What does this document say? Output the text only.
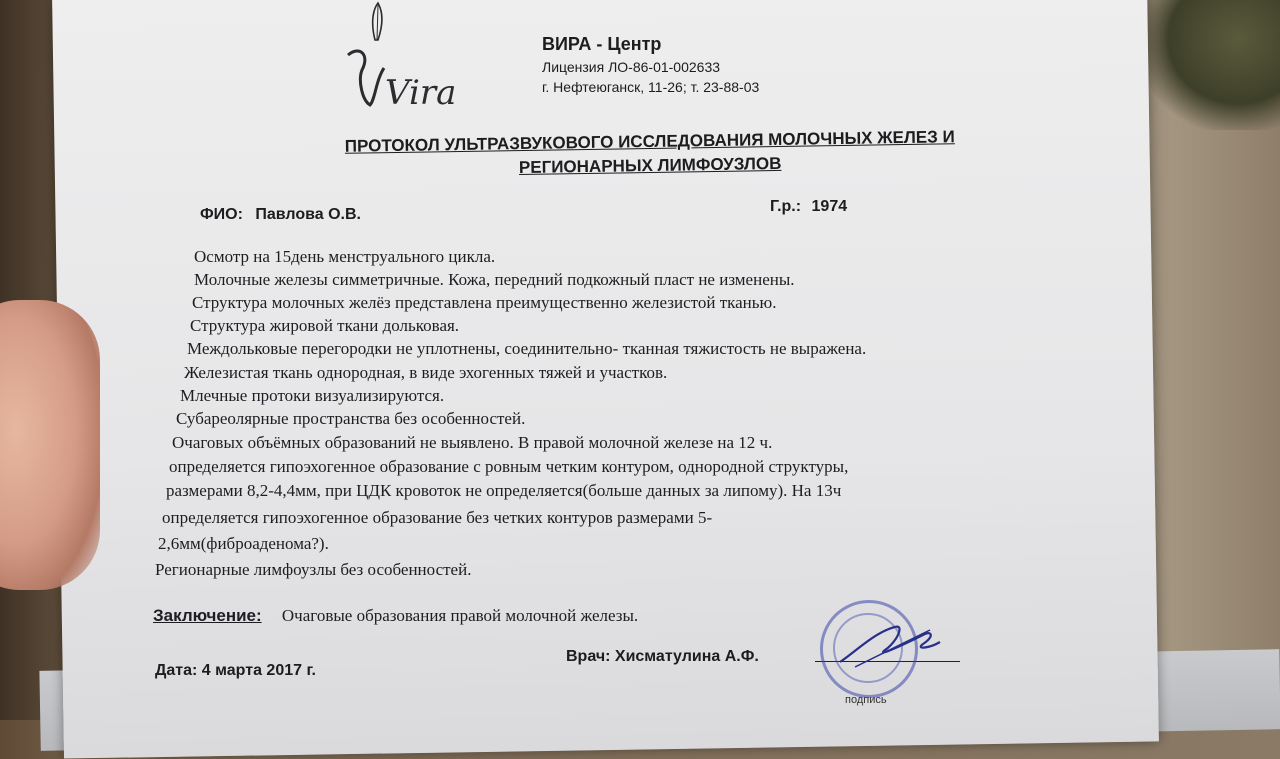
Vira
ВИРА - Центр
Лицензия ЛО-86-01-002633
г. Нефтеюганск, 11-26; т. 23-88-03
ПРОТОКОЛ УЛЬТРАЗВУКОВОГО ИССЛЕДОВАНИЯ МОЛОЧНЫХ ЖЕЛЕЗ И
РЕГИОНАРНЫХ ЛИМФОУЗЛОВ
ФИО: Павлова О.В.	Г.р.: 1974
Осмотр на 15день менструального цикла.
Молочные железы симметричные. Кожа, передний подкожный пласт не изменены.
Структура молочных желёз представлена преимущественно железистой тканью.
Структура жировой ткани дольковая.
Междольковые перегородки не уплотнены, соединительно- тканная тяжистость не выражена.
Железистая ткань однородная, в виде эхогенных тяжей и участков.
Млечные протоки визуализируются.
Субареолярные пространства без особенностей.
Очаговых объёмных образований не выявлено. В правой молочной железе на 12 ч.
определяется гипоэхогенное образование с ровным четким контуром, однородной структуры,
размерами 8,2-4,4мм, при ЦДК кровоток не определяется(больше данных за липому). На 13ч
определяется гипоэхогенное образование без четких контуров размерами 5-
2,6мм(фиброаденома?).
Регионарные лимфоузлы без особенностей.
Заключение: Очаговые образования правой молочной железы.
Дата: 4 марта 2017 г.
Врач: Хисматулина А.Ф.
подпись
